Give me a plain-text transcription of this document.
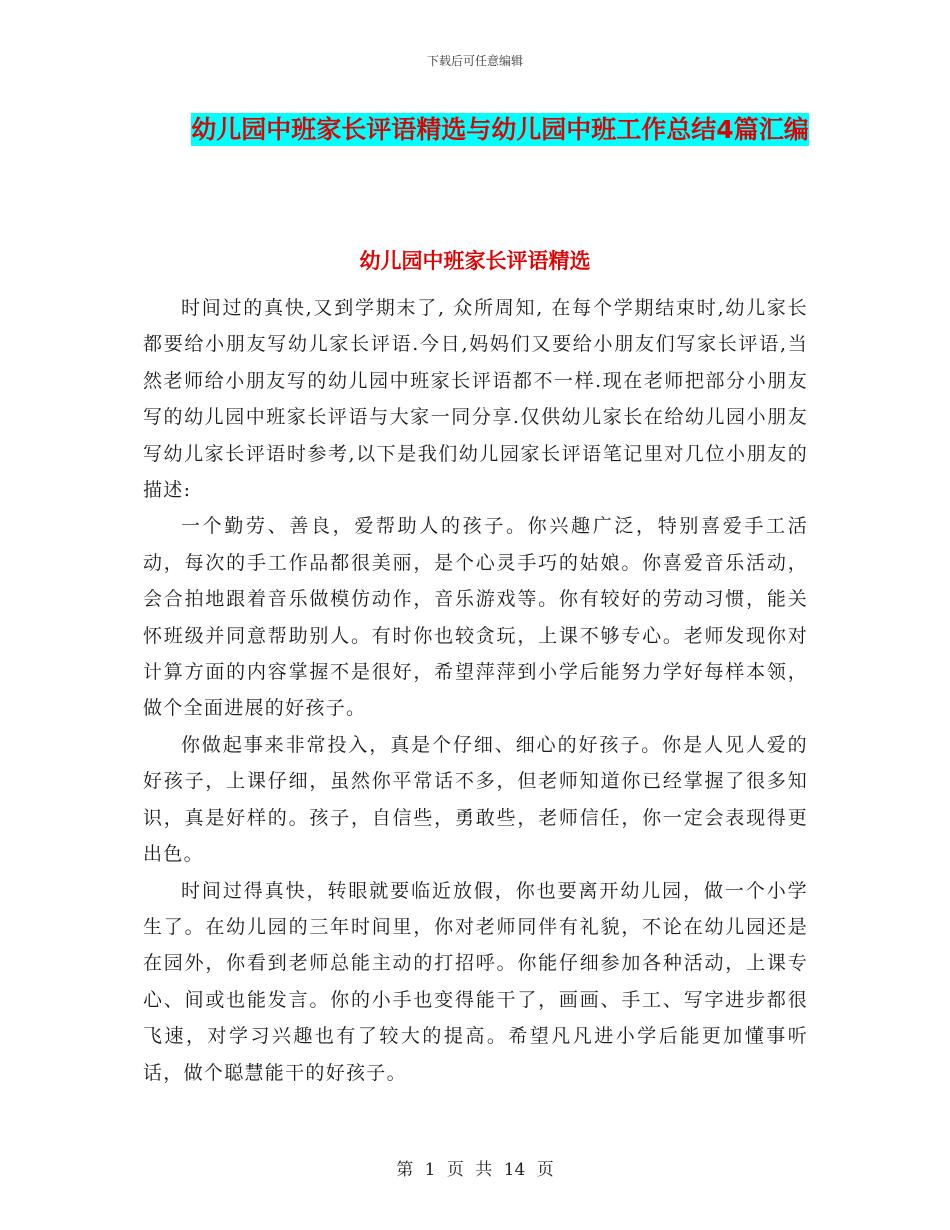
下载后可任意编辑
幼儿园中班家长评语精选与幼儿园中班工作总结4篇汇编
幼儿园中班家长评语精选

时间过的真快,又到学期末了, 众所周知, 在每个学期结束时,幼儿家长都要给小朋友写幼儿家长评语.今日,妈妈们又要给小朋友们写家长评语,当然老师给小朋友写的幼儿园中班家长评语都不一样.现在老师把部分小朋友写的幼儿园中班家长评语与大家一同分享.仅供幼儿家长在给幼儿园小朋友写幼儿家长评语时参考,以下是我们幼儿园家长评语笔记里对几位小朋友的描述:

一个勤劳、善良，爱帮助人的孩子。你兴趣广泛，特别喜爱手工活动，每次的手工作品都很美丽，是个心灵手巧的姑娘。你喜爱音乐活动，会合拍地跟着音乐做模仿动作，音乐游戏等。你有较好的劳动习惯，能关怀班级并同意帮助别人。有时你也较贪玩，上课不够专心。老师发现你对计算方面的内容掌握不是很好，希望萍萍到小学后能努力学好每样本领，做个全面进展的好孩子。

你做起事来非常投入，真是个仔细、细心的好孩子。你是人见人爱的好孩子，上课仔细，虽然你平常话不多，但老师知道你已经掌握了很多知识，真是好样的。孩子，自信些，勇敢些，老师信任，你一定会表现得更出色。

时间过得真快，转眼就要临近放假，你也要离开幼儿园，做一个小学生了。在幼儿园的三年时间里，你对老师同伴有礼貌，不论在幼儿园还是在园外，你看到老师总能主动的打招呼。你能仔细参加各种活动，上课专心、间或也能发言。你的小手也变得能干了，画画、手工、写字进步都很飞速，对学习兴趣也有了较大的提高。希望凡凡进小学后能更加懂事听话，做个聪慧能干的好孩子。

第 1 页 共 14 页
